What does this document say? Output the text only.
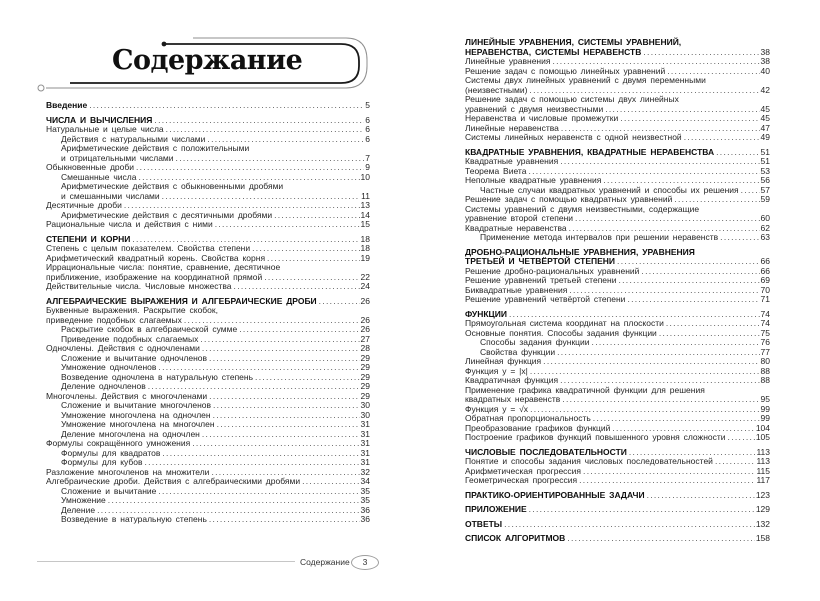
Содержание
Введение .....	5
ЧИСЛА И ВЫЧИСЛЕНИЯ .....	6
Натуральные и целые числа .....	6
Действия с натуральными числами .....	6
Арифметические действия с положительными
и отрицательными числами .....	7
Обыкновенные дроби .....	9
Смешанные числа .....	10
Арифметические действия с обыкновенными дробями
и смешанными числами .....	11
Десятичные дроби .....	13
Арифметические действия с десятичными дробями .....	14
Рациональные числа и действия с ними .....	15
СТЕПЕНИ И КОРНИ .....	18
Степень с целым показателем. Свойства степени .....	18
Арифметический квадратный корень. Свойства корня .....	19
Иррациональные числа: понятие, сравнение, десятичное
приближение, изображение на координатной прямой .....	22
Действительные числа. Числовые множества .....	24
АЛГЕБРАИЧЕСКИЕ ВЫРАЖЕНИЯ И АЛГЕБРАИЧЕСКИЕ ДРОБИ .....	26
Буквенные выражения. Раскрытие скобок,
приведение подобных слагаемых .....	26
Раскрытие скобок в алгебраической сумме .....	26
Приведение подобных слагаемых .....	27
Одночлены. Действия с одночленами .....	28
Сложение и вычитание одночленов .....	29
Умножение одночленов .....	29
Возведение одночлена в натуральную степень .....	29
Деление одночленов .....	29
Многочлены. Действия с многочленами .....	29
Сложение и вычитание многочленов .....	30
Умножение многочлена на одночлен .....	30
Умножение многочлена на многочлен .....	31
Деление многочлена на одночлен .....	31
Формулы сокращённого умножения .....	31
Формулы для квадратов .....	31
Формулы для кубов .....	31
Разложение многочленов на множители .....	32
Алгебраические дроби. Действия с алгебраическими дробями .....	34
Сложение и вычитание .....	35
Умножение .....	35
Деление .....	36
Возведение в натуральную степень .....	36
ЛИНЕЙНЫЕ УРАВНЕНИЯ, СИСТЕМЫ УРАВНЕНИЙ,
НЕРАВЕНСТВА, СИСТЕМЫ НЕРАВЕНСТВ .....	38
Линейные уравнения .....	38
Решение задач с помощью линейных уравнений .....	40
Системы двух линейных уравнений с двумя переменными
(неизвестными) .....	42
Решение задач с помощью системы двух линейных
уравнений с двумя неизвестными .....	45
Неравенства и числовые промежутки .....	45
Линейные неравенства .....	47
Системы линейных неравенств с одной неизвестной .....	49
КВАДРАТНЫЕ УРАВНЕНИЯ, КВАДРАТНЫЕ НЕРАВЕНСТВА .....	51
Квадратные уравнения .....	51
Теорема Виета .....	53
Неполные квадратные уравнения .....	56
Частные случаи квадратных уравнений и способы их решения .....	57
Решение задач с помощью квадратных уравнений .....	59
Системы уравнений с двумя неизвестными, содержащие
уравнение второй степени .....	60
Квадратные неравенства .....	62
Применение метода интервалов при решении неравенств .....	63
ДРОБНО-РАЦИОНАЛЬНЫЕ УРАВНЕНИЯ, УРАВНЕНИЯ
ТРЕТЬЕЙ И ЧЕТВЁРТОЙ СТЕПЕНИ .....	66
Решение дробно-рациональных уравнений .....	66
Решение уравнений третьей степени .....	69
Биквадратные уравнения .....	70
Решение уравнений четвёртой степени .....	71
ФУНКЦИИ .....	74
Прямоугольная система координат на плоскости .....	74
Основные понятия. Способы задания функции .....	75
Способы задания функции .....	76
Свойства функции .....	77
Линейная функция .....	80
Функция y = |x| .....	88
Квадратичная функция .....	88
Применение графика квадратичной функции для решения
квадратных неравенств .....	95
Функция y = √x .....	99
Обратная пропорциональность .....	99
Преобразование графиков функций .....	104
Построение графиков функций повышенного уровня сложности .....	105
ЧИСЛОВЫЕ ПОСЛЕДОВАТЕЛЬНОСТИ .....	113
Понятие и способы задания числовых последовательностей .....	113
Арифметическая прогрессия .....	115
Геометрическая прогрессия .....	117
ПРАКТИКО-ОРИЕНТИРОВАННЫЕ ЗАДАЧИ .....	123
ПРИЛОЖЕНИЕ .....	129
ОТВЕТЫ .....	132
СПИСОК АЛГОРИТМОВ .....	158
Содержание	3
